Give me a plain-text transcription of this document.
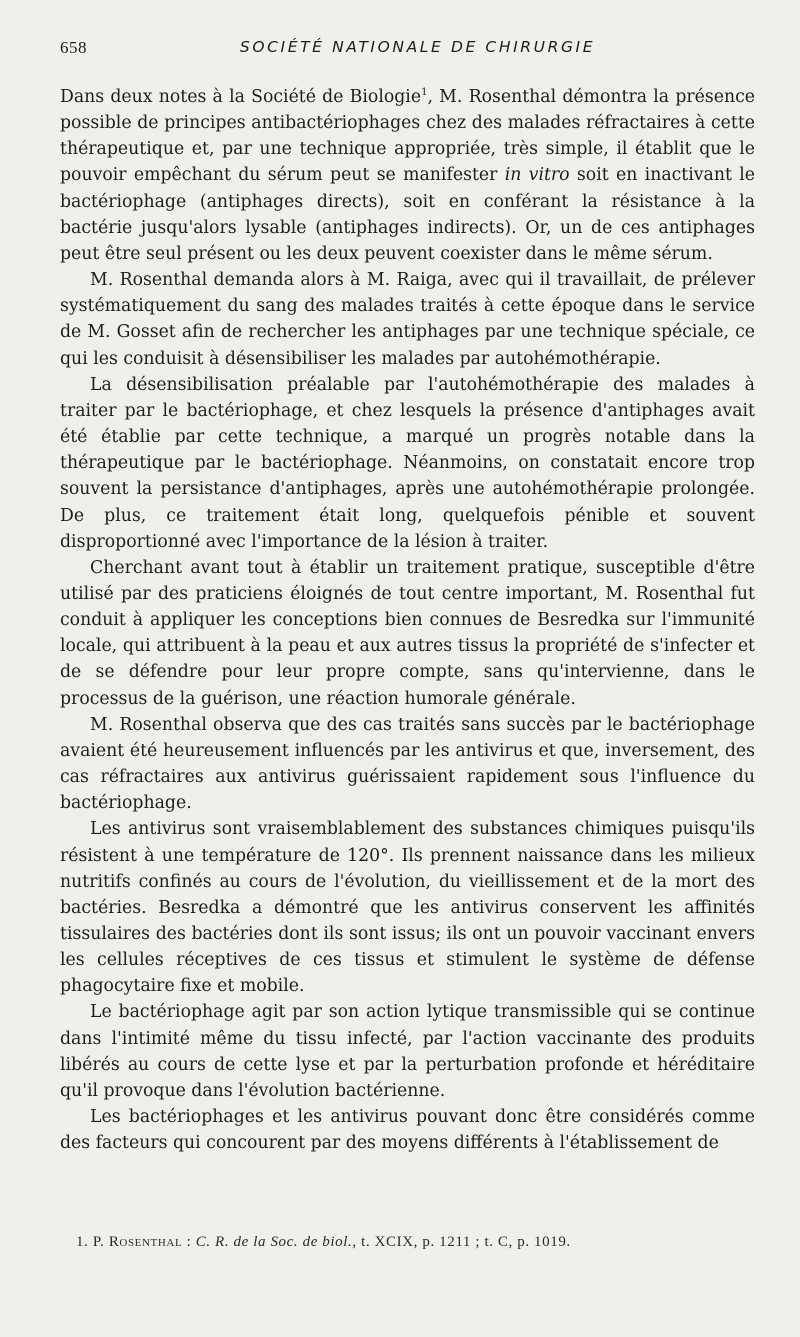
658	SOCIÉTÉ NATIONALE DE CHIRURGIE

Dans deux notes à la Société de Biologie$^1$, M. Rosenthal démontra la présence possible de principes antibactériophages chez des malades réfractaires à cette thérapeutique et, par une technique appropriée, très simple, il établit que le pouvoir empêchant du sérum peut se manifester in vitro soit en inactivant le bactériophage (antiphages directs), soit en conférant la résistance à la bactérie jusqu'alors lysable (antiphages indirects). Or, un de ces antiphages peut être seul présent ou les deux peuvent coexister dans le même sérum.

M. Rosenthal demanda alors à M. Raiga, avec qui il travaillait, de prélever systématiquement du sang des malades traités à cette époque dans le service de M. Gosset afin de rechercher les antiphages par une technique spéciale, ce qui les conduisit à désensibiliser les malades par autohémothérapie.

La désensibilisation préalable par l'autohémothérapie des malades à traiter par le bactériophage, et chez lesquels la présence d'antiphages avait été établie par cette technique, a marqué un progrès notable dans la thérapeutique par le bactériophage. Néanmoins, on constatait encore trop souvent la persistance d'antiphages, après une autohémothérapie prolongée. De plus, ce traitement était long, quelquefois pénible et souvent disproportionné avec l'importance de la lésion à traiter.

Cherchant avant tout à établir un traitement pratique, susceptible d'être utilisé par des praticiens éloignés de tout centre important, M. Rosenthal fut conduit à appliquer les conceptions bien connues de Besredka sur l'immunité locale, qui attribuent à la peau et aux autres tissus la propriété de s'infecter et de se défendre pour leur propre compte, sans qu'intervienne, dans le processus de la guérison, une réaction humorale générale.

M. Rosenthal observa que des cas traités sans succès par le bactériophage avaient été heureusement influencés par les antivirus et que, inversement, des cas réfractaires aux antivirus guérissaient rapidement sous l'influence du bactériophage.

Les antivirus sont vraisemblablement des substances chimiques puisqu'ils résistent à une température de 120°. Ils prennent naissance dans les milieux nutritifs confinés au cours de l'évolution, du vieillissement et de la mort des bactéries. Besredka a démontré que les antivirus conservent les affinités tissulaires des bactéries dont ils sont issus; ils ont un pouvoir vaccinant envers les cellules réceptives de ces tissus et stimulent le système de défense phagocytaire fixe et mobile.

Le bactériophage agit par son action lytique transmissible qui se continue dans l'intimité même du tissu infecté, par l'action vaccinante des produits libérés au cours de cette lyse et par la perturbation profonde et héréditaire qu'il provoque dans l'évolution bactérienne.

Les bactériophages et les antivirus pouvant donc être considérés comme des facteurs qui concourent par des moyens différents à l'établissement de

1. P. Rosenthal : C. R. de la Soc. de biol., t. XCIX, p. 1211 ; t. C, p. 1019.
